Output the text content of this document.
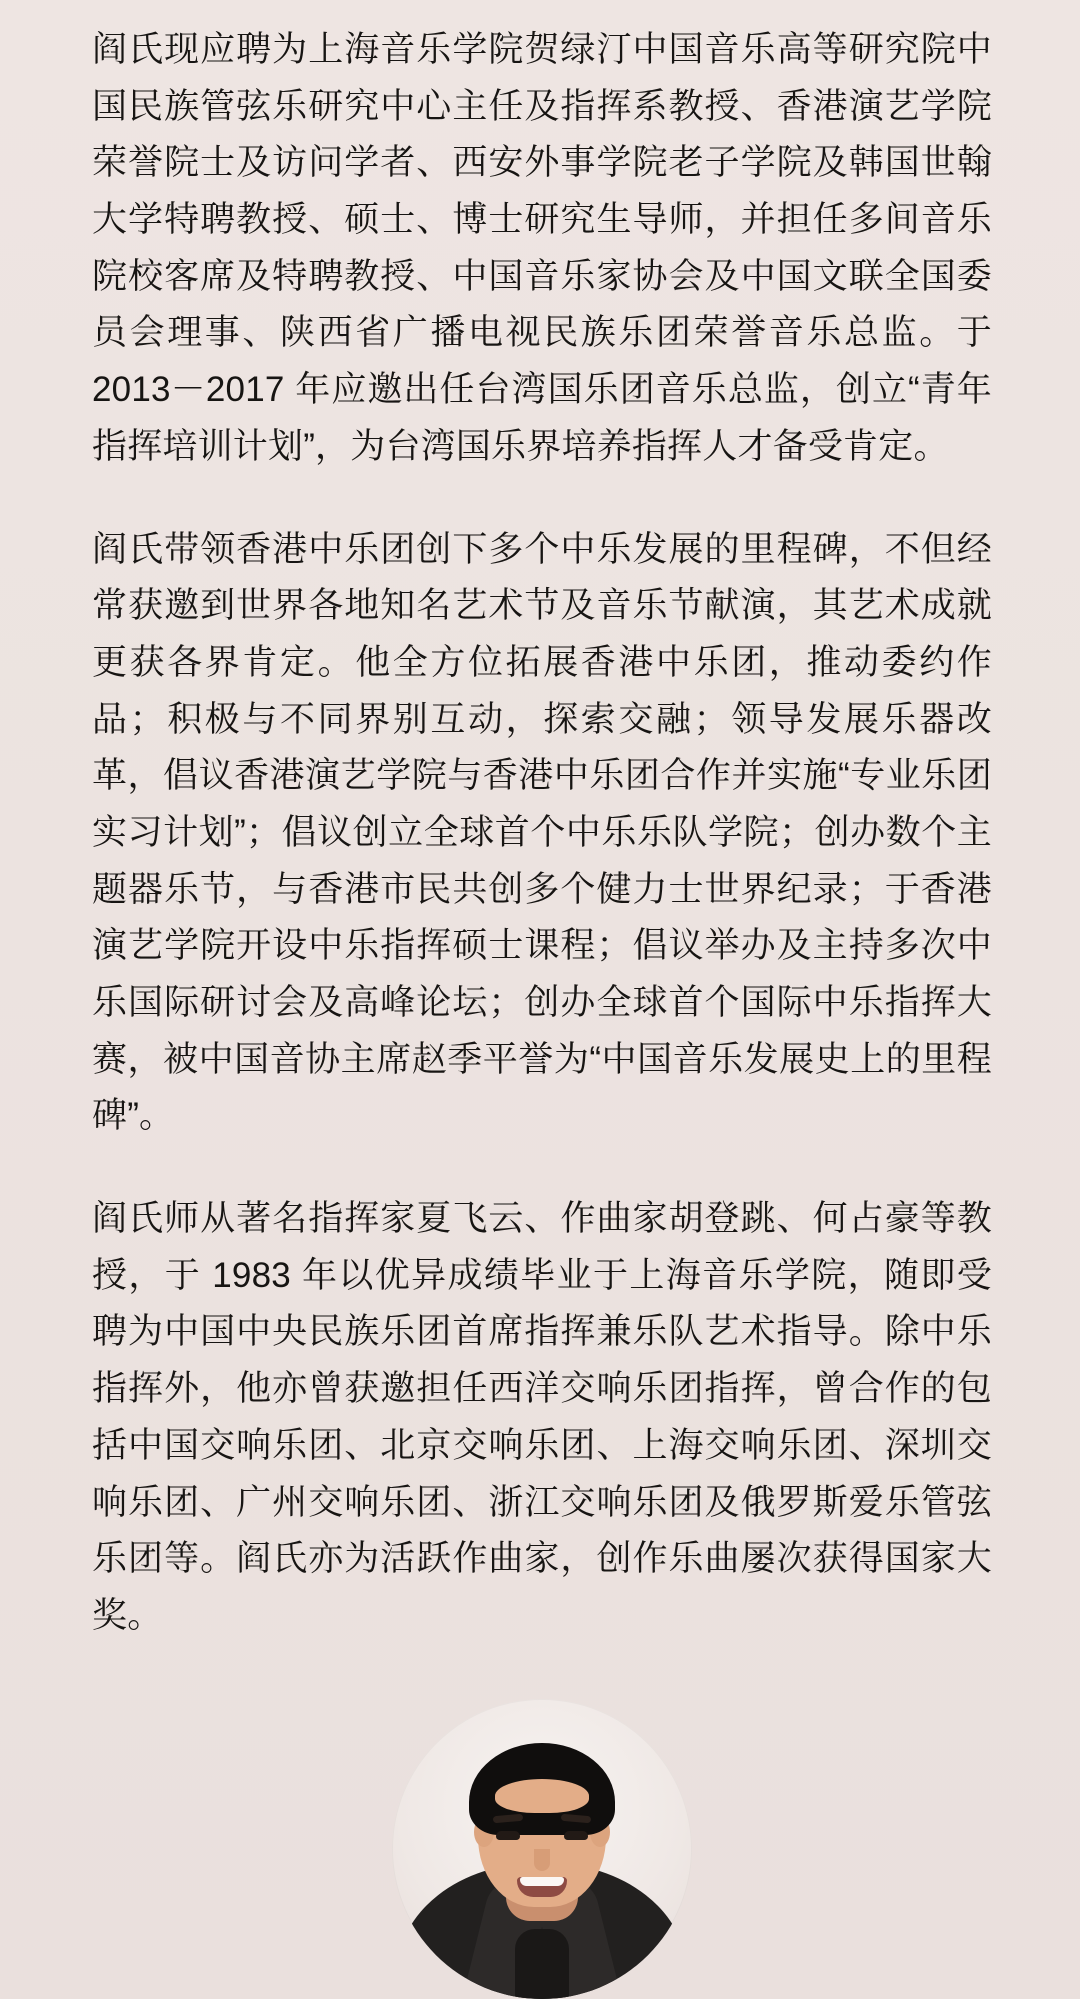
阎氏现应聘为上海音乐学院贺绿汀中国音乐高等研究院中国民族管弦乐研究中心主任及指挥系教授、香港演艺学院荣誉院士及访问学者、西安外事学院老子学院及韩国世翰大学特聘教授、硕士、博士研究生导师，并担任多间音乐院校客席及特聘教授、中国音乐家协会及中国文联全国委员会理事、陕西省广播电视民族乐团荣誉音乐总监。于 2013－2017 年应邀出任台湾国乐团音乐总监，创立“青年指挥培训计划”，为台湾国乐界培养指挥人才备受肯定。

阎氏带领香港中乐团创下多个中乐发展的里程碑，不但经常获邀到世界各地知名艺术节及音乐节献演，其艺术成就更获各界肯定。他全方位拓展香港中乐团，推动委约作品；积极与不同界别互动，探索交融；领导发展乐器改革，倡议香港演艺学院与香港中乐团合作并实施“专业乐团实习计划”；倡议创立全球首个中乐乐队学院；创办数个主题器乐节，与香港市民共创多个健力士世界纪录；于香港演艺学院开设中乐指挥硕士课程；倡议举办及主持多次中乐国际研讨会及高峰论坛；创办全球首个国际中乐指挥大赛，被中国音协主席赵季平誉为“中国音乐发展史上的里程碑”。

阎氏师从著名指挥家夏飞云、作曲家胡登跳、何占豪等教授，于 1983 年以优异成绩毕业于上海音乐学院，随即受聘为中国中央民族乐团首席指挥兼乐队艺术指导。除中乐指挥外，他亦曾获邀担任西洋交响乐团指挥，曾合作的包括中国交响乐团、北京交响乐团、上海交响乐团、深圳交响乐团、广州交响乐团、浙江交响乐团及俄罗斯爱乐管弦乐团等。阎氏亦为活跃作曲家，创作乐曲屡次获得国家大奖。
